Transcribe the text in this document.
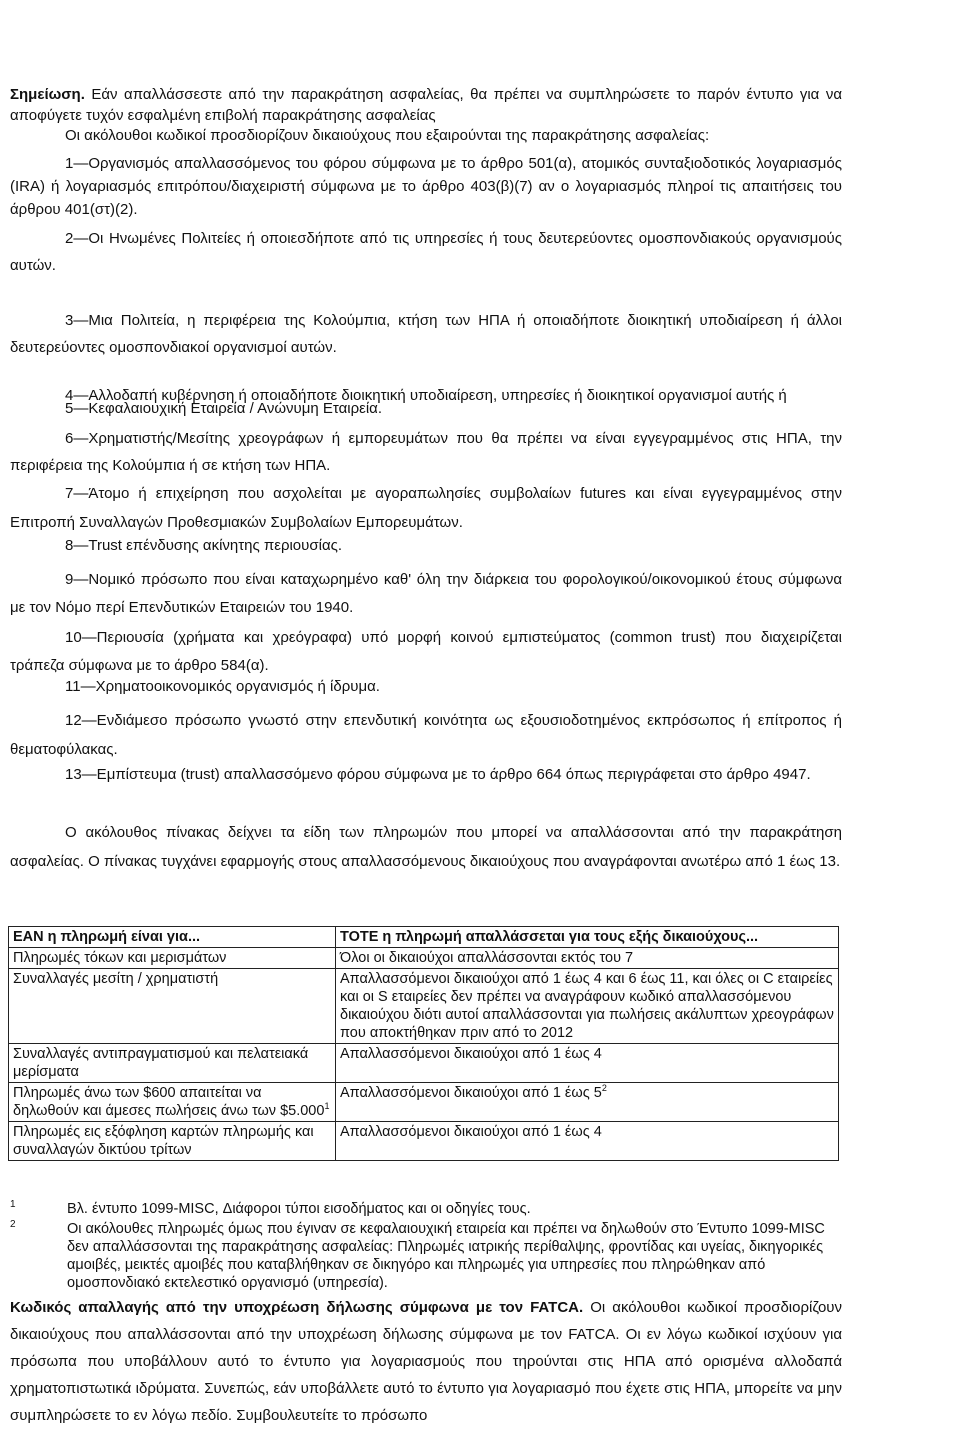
Σημείωση. Εάν απαλλάσσεστε από την παρακράτηση ασφαλείας, θα πρέπει να συμπληρώσετε το παρόν έντυπο για να αποφύγετε τυχόν εσφαλμένη επιβολή παρακράτησης ασφαλείας

Οι ακόλουθοι κωδικοί προσδιορίζουν δικαιούχους που εξαιρούνται της παρακράτησης ασφαλείας:

1—Οργανισμός απαλλασσόμενος του φόρου σύμφωνα με το άρθρο 501(α), ατομικός συνταξιοδοτικός λογαριασμός (IRA) ή λογαριασμός επιτρόπου/διαχειριστή σύμφωνα με το άρθρο 403(β)(7) αν ο λογαριασμός πληροί τις απαιτήσεις του άρθρου 401(στ)(2).

2—Οι Ηνωμένες Πολιτείες ή οποιεσδήποτε από τις υπηρεσίες ή τους δευτερεύοντες ομοσπονδιακούς οργανισμούς αυτών.

3—Μια Πολιτεία, η περιφέρεια της Κολούμπια, κτήση των ΗΠΑ ή οποιαδήποτε διοικητική υποδιαίρεση ή άλλοι δευτερεύοντες ομοσπονδιακοί οργανισμοί αυτών.

4—Αλλοδαπή κυβέρνηση ή οποιαδήποτε διοικητική υποδιαίρεση, υπηρεσίες ή διοικητικοί οργανισμοί αυτής ή

5—Κεφαλαιουχική Εταιρεία / Ανώνυμη Εταιρεία.

6—Χρηματιστής/Μεσίτης χρεογράφων ή εμπορευμάτων που θα πρέπει να είναι εγγεγραμμένος στις ΗΠΑ, την περιφέρεια της Κολούμπια ή σε κτήση των ΗΠΑ.

7—Άτομο ή επιχείρηση που ασχολείται με αγοραπωλησίες συμβολαίων futures και είναι εγγεγραμμένος στην Επιτροπή Συναλλαγών Προθεσμιακών Συμβολαίων Εμπορευμάτων.

8—Trust επένδυσης ακίνητης περιουσίας.

9—Νομικό πρόσωπο που είναι καταχωρημένο καθ' όλη την διάρκεια του φορολογικού/οικονομικού έτους σύμφωνα με τον Νόμο περί Επενδυτικών Εταιρειών του 1940.

10—Περιουσία (χρήματα και χρεόγραφα) υπό μορφή κοινού εμπιστεύματος (common trust) που διαχειρίζεται τράπεζα σύμφωνα με το άρθρο 584(α).

11—Χρηματοοικονομικός οργανισμός ή ίδρυμα.

12—Ενδιάμεσο πρόσωπο γνωστό στην επενδυτική κοινότητα ως εξουσιοδοτημένος εκπρόσωπος ή επίτροπος ή θεματοφύλακας.

13—Εμπίστευμα (trust) απαλλασσόμενο φόρου σύμφωνα με το άρθρο 664 όπως περιγράφεται στο άρθρο 4947.

Ο ακόλουθος πίνακας δείχνει τα είδη των πληρωμών που μπορεί να απαλλάσσονται από την παρακράτηση ασφαλείας. Ο πίνακας τυγχάνει εφαρμογής στους απαλλασσόμενους δικαιούχους που αναγράφονται ανωτέρω από 1 έως 13.

ΕΑΝ η πληρωμή είναι για...	ΤΟΤΕ η πληρωμή απαλλάσσεται για τους εξής δικαιούχους...
Πληρωμές τόκων και μερισμάτων	Όλοι οι δικαιούχοι απαλλάσσονται εκτός του 7
Συναλλαγές μεσίτη / χρηματιστή	Απαλλασσόμενοι δικαιούχοι από 1 έως 4 και 6 έως 11, και όλες οι C εταιρείες και οι S εταιρείες δεν πρέπει να αναγράφουν κωδικό απαλλασσόμενου δικαιούχου διότι αυτοί απαλλάσσονται για πωλήσεις ακάλυπτων χρεογράφων που αποκτήθηκαν πριν από το 2012
Συναλλαγές αντιπραγματισμού και πελατειακά μερίσματα	Απαλλασσόμενοι δικαιούχοι από 1 έως 4
Πληρωμές άνω των $600 απαιτείται να δηλωθούν και άμεσες πωλήσεις άνω των $5.000$^1$	Απαλλασσόμενοι δικαιούχοι από 1 έως $5^2$
Πληρωμές εις εξόφληση καρτών πληρωμής και συναλλαγών δικτύου τρίτων	Απαλλασσόμενοι δικαιούχοι από 1 έως 4
1	Βλ. έντυπο 1099-MISC, Διάφοροι τύποι εισοδήματος και οι οδηγίες τους.
2	Οι ακόλουθες πληρωμές όμως που έγιναν σε κεφαλαιουχική εταιρεία και πρέπει να δηλωθούν στο Έντυπο 1099-MISC δεν απαλλάσσονται της παρακράτησης ασφαλείας: Πληρωμές ιατρικής περίθαλψης, φροντίδας και υγείας, δικηγορικές αμοιβές, μεικτές αμοιβές που καταβλήθηκαν σε δικηγόρο και πληρωμές για υπηρεσίες που πληρώθηκαν από ομοσπονδιακό εκτελεστικό οργανισμό (υπηρεσία).

Κωδικός απαλλαγής από την υποχρέωση δήλωσης σύμφωνα με τον FATCA. Οι ακόλουθοι κωδικοί προσδιορίζουν δικαιούχους που απαλλάσσονται από την υποχρέωση δήλωσης σύμφωνα με τον FATCA. Οι εν λόγω κωδικοί ισχύουν για πρόσωπα που υποβάλλουν αυτό το έντυπο για λογαριασμούς που τηρούνται στις ΗΠΑ από ορισμένα αλλοδαπά χρηματοπιστωτικά ιδρύματα. Συνεπώς, εάν υποβάλλετε αυτό το έντυπο για λογαριασμό που έχετε στις ΗΠΑ, μπορείτε να μην συμπληρώσετε το εν λόγω πεδίο. Συμβουλευτείτε το πρόσωπο
